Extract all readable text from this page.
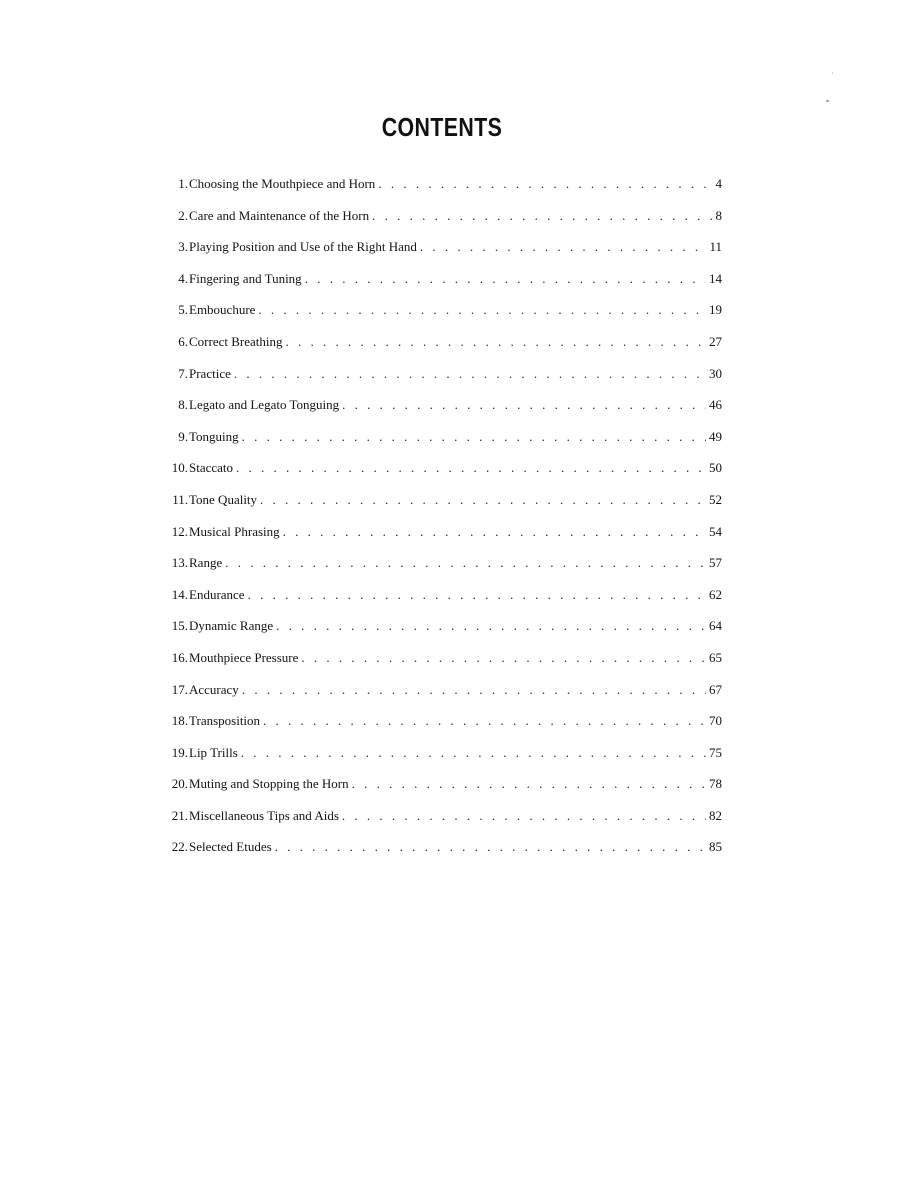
CONTENTS
1. Choosing the Mouthpiece and Horn . . .	4
2. Care and Maintenance of the Horn . . .	8
3. Playing Position and Use of the Right Hand . . .	11
4. Fingering and Tuning . . .	14
5. Embouchure . . .	19
6. Correct Breathing . . .	27
7. Practice . . .	30
8. Legato and Legato Tonguing . . .	46
9. Tonguing . . .	49
10. Staccato . . .	50
11. Tone Quality . . .	52
12. Musical Phrasing . . .	54
13. Range . . .	57
14. Endurance . . .	62
15. Dynamic Range . . .	64
16. Mouthpiece Pressure . . .	65
17. Accuracy . . .	67
18. Transposition . . .	70
19. Lip Trills . . .	75
20. Muting and Stopping the Horn . . .	78
21. Miscellaneous Tips and Aids . . .	82
22. Selected Etudes . . .	85
